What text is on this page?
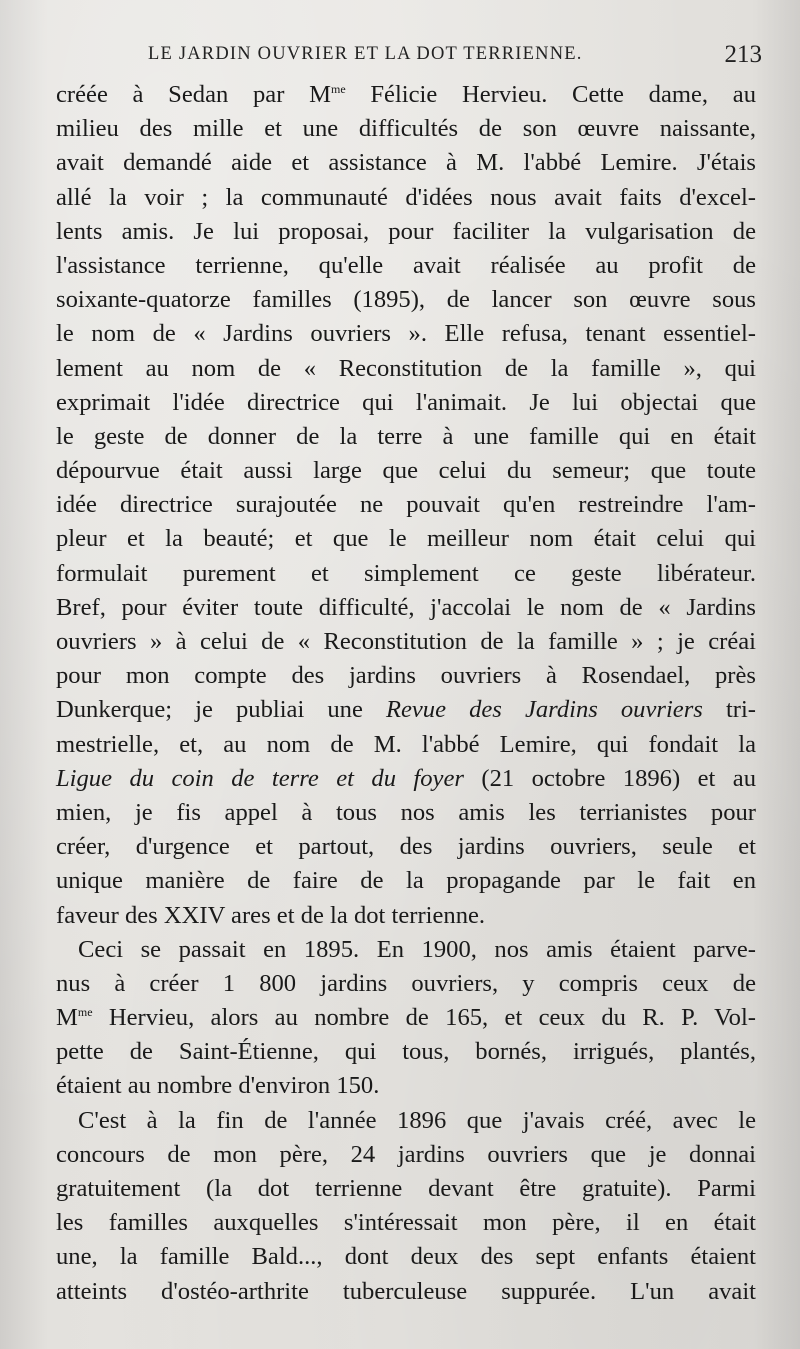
LE JARDIN OUVRIER ET LA DOT TERRIENNE.	213
créée à Sedan par $M^{me}$ Félicie Hervieu. Cette dame, au
milieu des mille et une difficultés de son œuvre naissante,
avait demandé aide et assistance à M. l'abbé Lemire. J'étais
allé la voir ; la communauté d'idées nous avait faits d'excel-
lents amis. Je lui proposai, pour faciliter la vulgarisation de
l'assistance terrienne, qu'elle avait réalisée au profit de
soixante-quatorze familles (1895), de lancer son œuvre sous
le nom de « Jardins ouvriers ». Elle refusa, tenant essentiel-
lement au nom de « Reconstitution de la famille », qui
exprimait l'idée directrice qui l'animait. Je lui objectai que
le geste de donner de la terre à une famille qui en était
dépourvue était aussi large que celui du semeur; que toute
idée directrice surajoutée ne pouvait qu'en restreindre l'am-
pleur et la beauté; et que le meilleur nom était celui qui
formulait purement et simplement ce geste libérateur.
Bref, pour éviter toute difficulté, j'accolai le nom de « Jardins
ouvriers » à celui de « Reconstitution de la famille » ; je créai
pour mon compte des jardins ouvriers à Rosendael, près
Dunkerque; je publiai une Revue des Jardins ouvriers tri-
mestrielle, et, au nom de M. l'abbé Lemire, qui fondait la
Ligue du coin de terre et du foyer (21 octobre 1896) et au
mien, je fis appel à tous nos amis les terrianistes pour
créer, d'urgence et partout, des jardins ouvriers, seule et
unique manière de faire de la propagande par le fait en
faveur des XXIV ares et de la dot terrienne.
Ceci se passait en 1895. En 1900, nos amis étaient parve-
nus à créer 1 800 jardins ouvriers, y compris ceux de
$M^{me}$ Hervieu, alors au nombre de 165, et ceux du R. P. Vol-
pette de Saint-Étienne, qui tous, bornés, irrigués, plantés,
étaient au nombre d'environ 150.
C'est à la fin de l'année 1896 que j'avais créé, avec le
concours de mon père, 24 jardins ouvriers que je donnai
gratuitement (la dot terrienne devant être gratuite). Parmi
les familles auxquelles s'intéressait mon père, il en était
une, la famille Bald..., dont deux des sept enfants étaient
atteints d'ostéo-arthrite tuberculeuse suppurée. L'un avait
